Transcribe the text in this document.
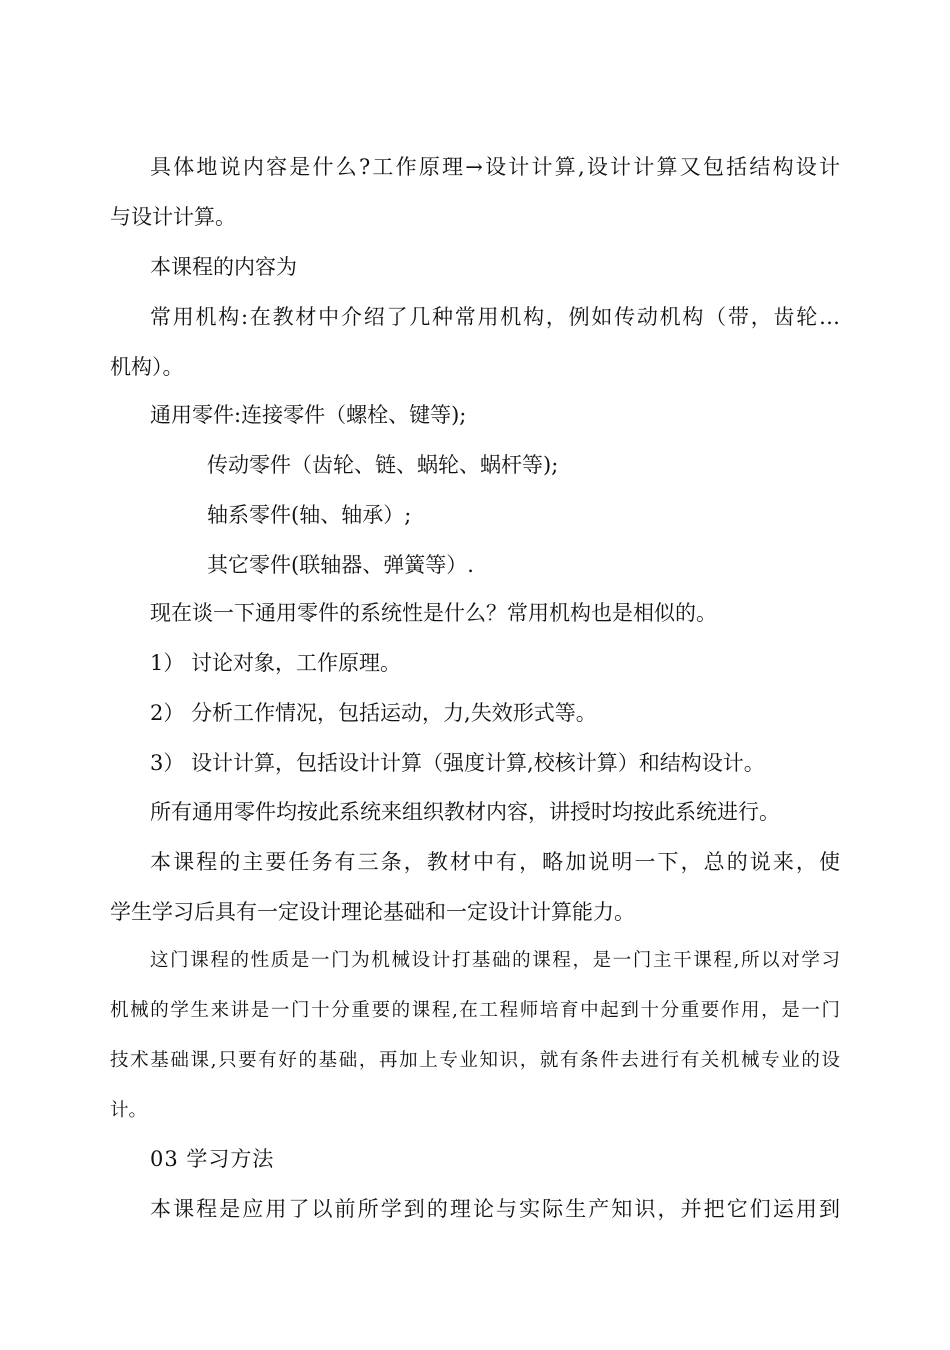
具体地说内容是什么?工作原理→设计计算,设计计算又包括结构设计
与设计计算。
本课程的内容为
常用机构:在教材中介绍了几种常用机构，例如传动机构（带，齿轮…
机构）。
通用零件:连接零件（螺栓、键等);
传动零件（齿轮、链、蜗轮、蜗杆等);
轴系零件(轴、轴承）;
其它零件(联轴器、弹簧等）.
现在谈一下通用零件的系统性是什么？常用机构也是相似的。
1） 讨论对象，工作原理。
2） 分析工作情况，包括运动，力,失效形式等。
3） 设计计算，包括设计计算（强度计算,校核计算）和结构设计。
所有通用零件均按此系统来组织教材内容，讲授时均按此系统进行。
本课程的主要任务有三条，教材中有，略加说明一下，总的说来，使
学生学习后具有一定设计理论基础和一定设计计算能力。
这门课程的性质是一门为机械设计打基础的课程，是一门主干课程,所以对学习
机械的学生来讲是一门十分重要的课程,在工程师培育中起到十分重要作用，是一门
技术基础课,只要有好的基础，再加上专业知识，就有条件去进行有关机械专业的设
计。
03 学习方法
本课程是应用了以前所学到的理论与实际生产知识，并把它们运用到
